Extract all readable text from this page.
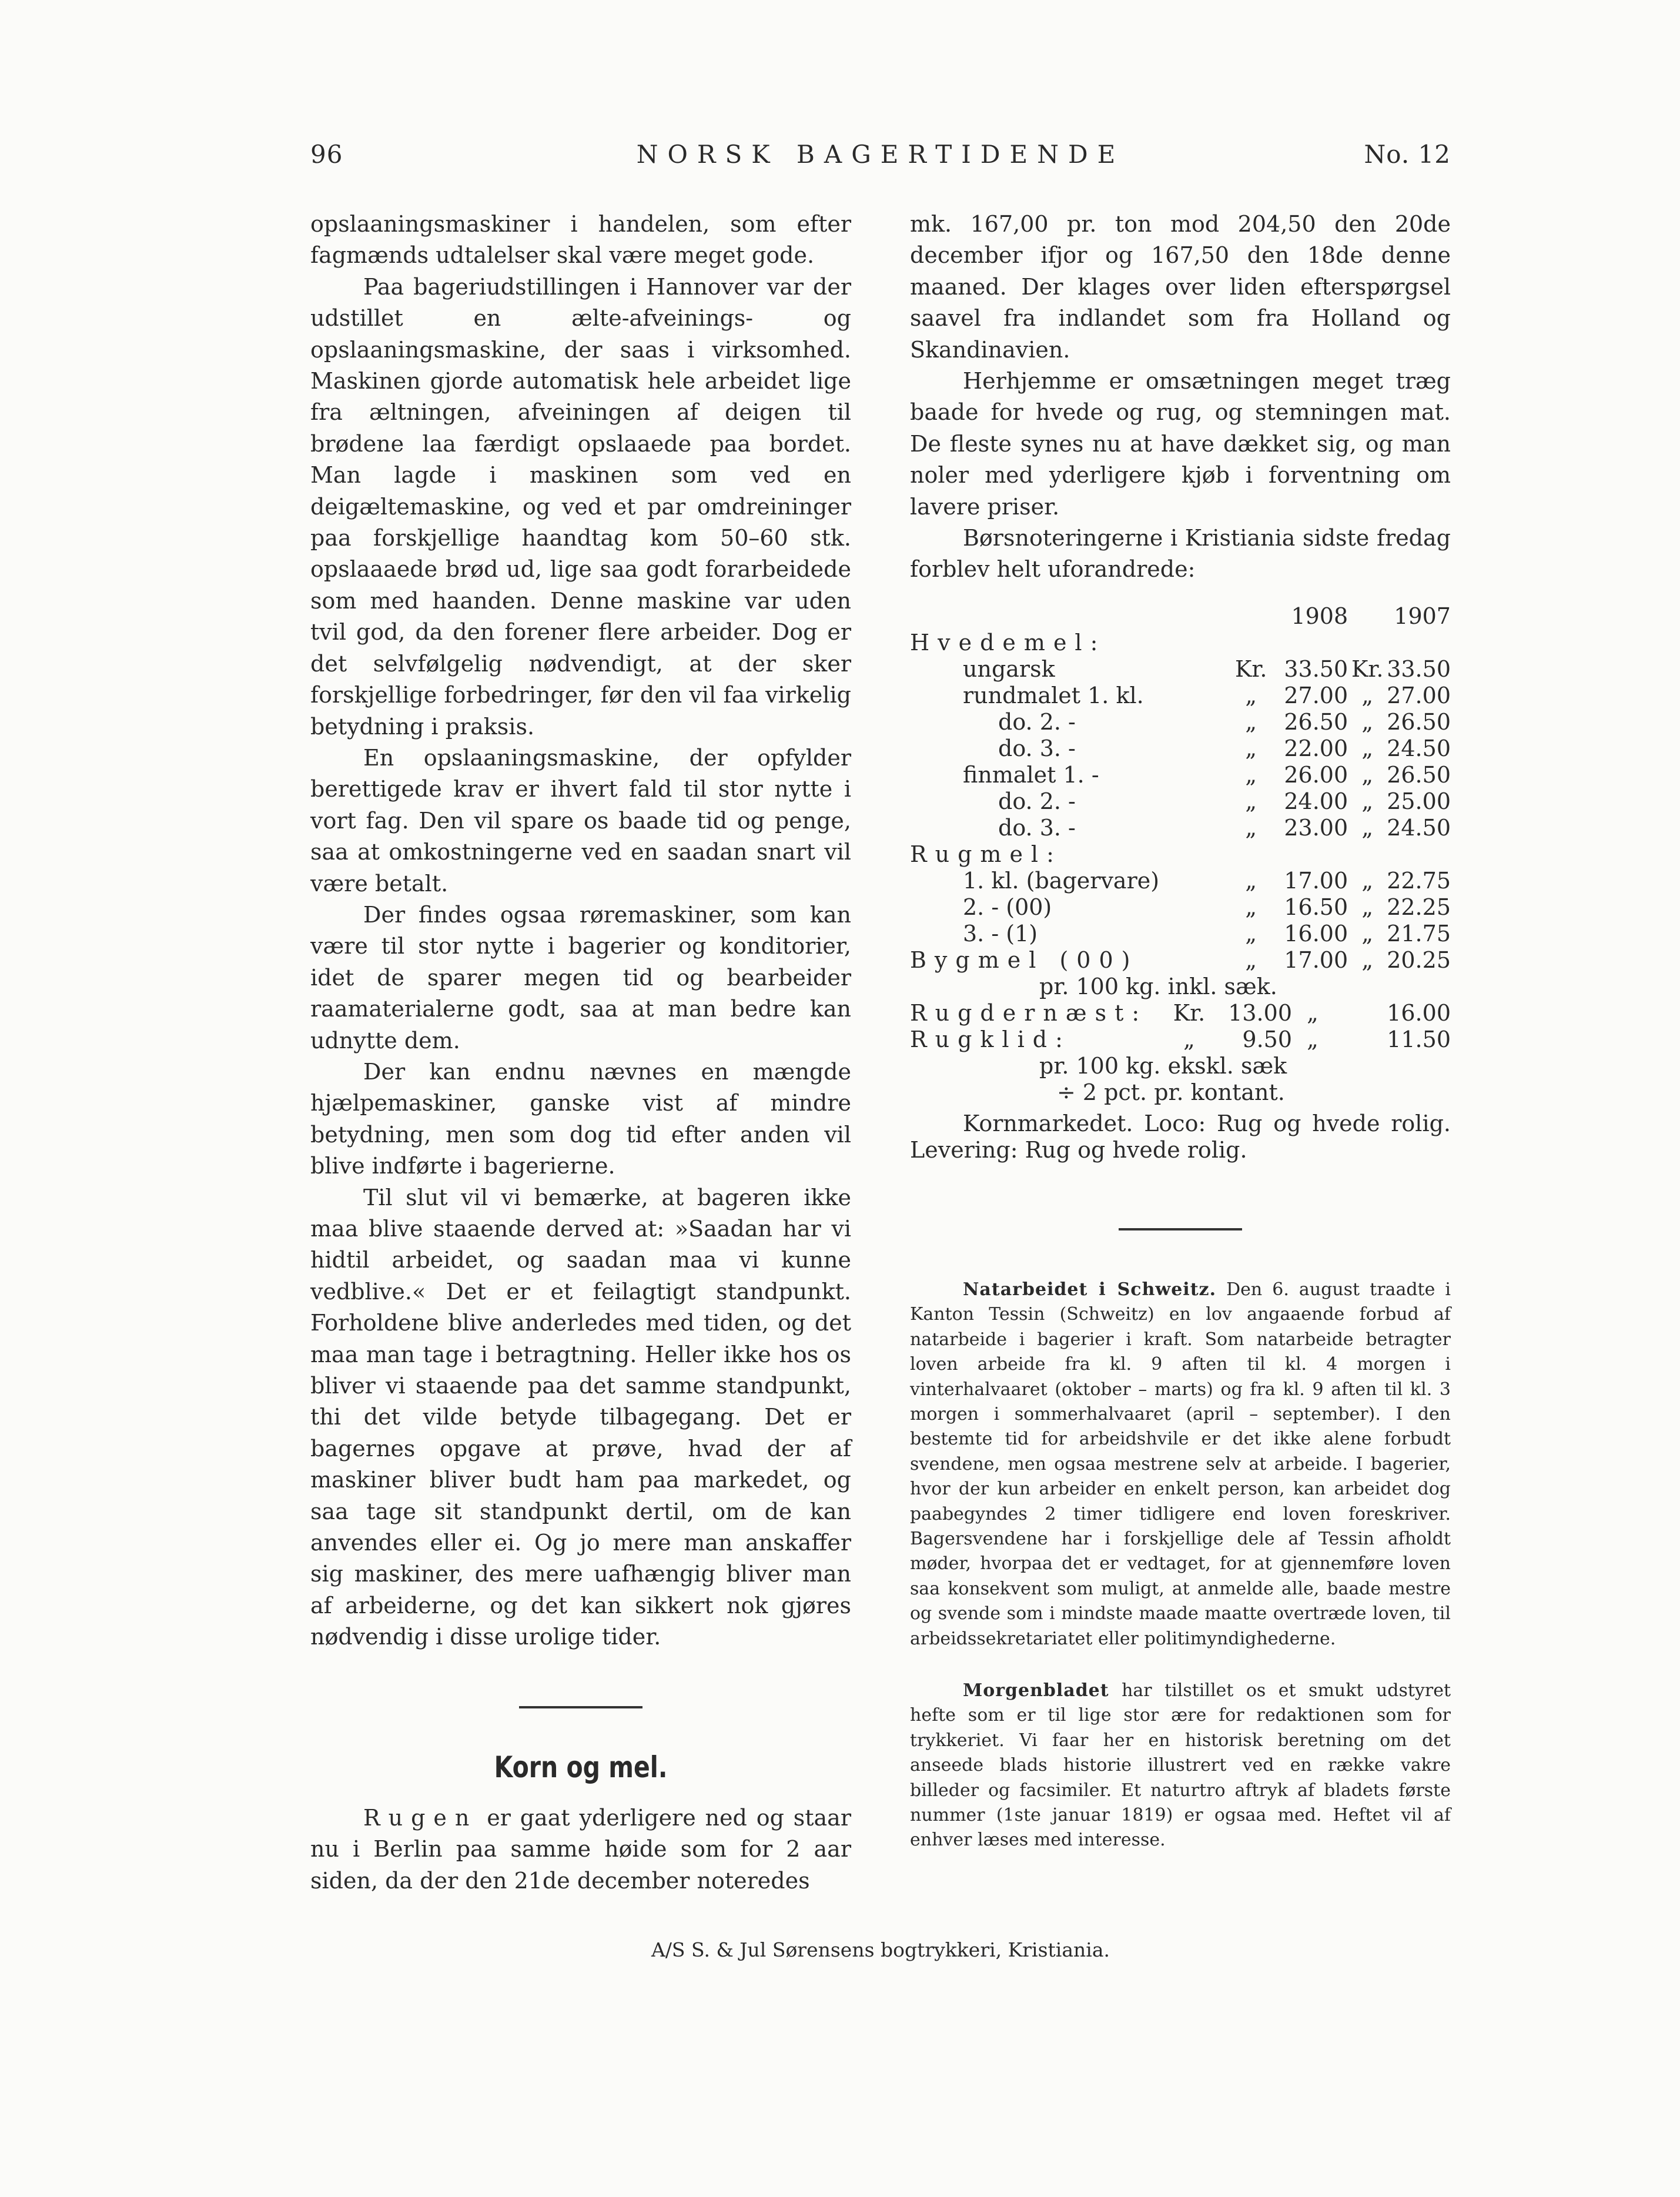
96	NORSK BAGERTIDENDE	No. 12

opslaaningsmaskiner i handelen, som efter fagmænds udtalelser skal være meget gode.

Paa bageriudstillingen i Hannover var der udstillet en ælte-afveinings- og opslaaningsmaskine, der saas i virksomhed. Maskinen gjorde automatisk hele arbeidet lige fra æltningen, afveiningen af deigen til brødene laa færdigt opslaaede paa bordet. Man lagde i maskinen som ved en deigæltemaskine, og ved et par omdreininger paa forskjellige haandtag kom 50–60 stk. opslaaaede brød ud, lige saa godt forarbeidede som med haanden. Denne maskine var uden tvil god, da den forener flere arbeider. Dog er det selvfølgelig nødvendigt, at der sker forskjellige forbedringer, før den vil faa virkelig betydning i praksis.

En opslaaningsmaskine, der opfylder berettigede krav er ihvert fald til stor nytte i vort fag. Den vil spare os baade tid og penge, saa at omkostningerne ved en saadan snart vil være betalt.

Der findes ogsaa røremaskiner, som kan være til stor nytte i bagerier og konditorier, idet de sparer megen tid og bearbeider raamaterialerne godt, saa at man bedre kan udnytte dem.

Der kan endnu nævnes en mængde hjælpemaskiner, ganske vist af mindre betydning, men som dog tid efter anden vil blive indførte i bagerierne.

Til slut vil vi bemærke, at bageren ikke maa blive staaende derved at: »Saadan har vi hidtil arbeidet, og saadan maa vi kunne vedblive.« Det er et feilagtigt standpunkt. Forholdene blive anderledes med tiden, og det maa man tage i betragtning. Heller ikke hos os bliver vi staaende paa det samme standpunkt, thi det vilde betyde tilbagegang. Det er bagernes opgave at prøve, hvad der af maskiner bliver budt ham paa markedet, og saa tage sit standpunkt dertil, om de kan anvendes eller ei. Og jo mere man anskaffer sig maskiner, des mere uafhængig bliver man af arbeiderne, og det kan sikkert nok gjøres nødvendig i disse urolige tider.

Korn og mel.

Rugen er gaat yderligere ned og staar nu i Berlin paa samme høide som for 2 aar siden, da der den 21de december noteredes

mk. 167,00 pr. ton mod 204,50 den 20de december ifjor og 167,50 den 18de denne maaned. Der klages over liden efterspørgsel saavel fra indlandet som fra Holland og Skandinavien.

Herhjemme er omsætningen meget træg baade for hvede og rug, og stemningen mat. De fleste synes nu at have dækket sig, og man noler med yderligere kjøb i forventning om lavere priser.

Børsnoteringerne i Kristiania sidste fredag forblev helt uforandrede:

		1908		1907
Hvedemel:				
ungarsk	Kr.	33.50	Kr.	33.50
rundmalet 1. kl.	„	27.00	„	27.00
do. 2. -	„	26.50	„	26.50
do. 3. -	„	22.00	„	24.50
finmalet 1. -	„	26.00	„	26.50
do. 2. -	„	24.00	„	25.00
do. 3. -	„	23.00	„	24.50
Rugmel:				
1. kl. (bagervare)	„	17.00	„	22.75
2. - (00)	„	16.50	„	22.25
3. - (1)	„	16.00	„	21.75
Bygmel (00)	„	17.00	„	20.25
pr. 100 kg. inkl. sæk.
Rugdernæst:	Kr.	13.00	„	16.00
Rugklid:	„	9.50	„	11.50
pr. 100 kg. ekskl. sæk
÷ 2 pct. pr. kontant.

Kornmarkedet. Loco: Rug og hvede rolig. Levering: Rug og hvede rolig.

Natarbeidet i Schweitz. Den 6. august traadte i Kanton Tessin (Schweitz) en lov angaaende forbud af natarbeide i bagerier i kraft. Som natarbeide betragter loven arbeide fra kl. 9 aften til kl. 4 morgen i vinterhalvaaret (oktober – marts) og fra kl. 9 aften til kl. 3 morgen i sommerhalvaaret (april – september). I den bestemte tid for arbeidshvile er det ikke alene forbudt svendene, men ogsaa mestrene selv at arbeide. I bagerier, hvor der kun arbeider en enkelt person, kan arbeidet dog paabegyndes 2 timer tidligere end loven foreskriver. Bagersvendene har i forskjellige dele af Tessin afholdt møder, hvorpaa det er vedtaget, for at gjennemføre loven saa konsekvent som muligt, at anmelde alle, baade mestre og svende som i mindste maade maatte overtræde loven, til arbeidssekretariatet eller politimyndighederne.

Morgenbladet har tilstillet os et smukt udstyret hefte som er til lige stor ære for redaktionen som for trykkeriet. Vi faar her en historisk beretning om det anseede blads historie illustrert ved en række vakre billeder og facsimiler. Et naturtro aftryk af bladets første nummer (1ste januar 1819) er ogsaa med. Heftet vil af enhver læses med interesse.

A/S S. & Jul Sørensens bogtrykkeri, Kristiania.
